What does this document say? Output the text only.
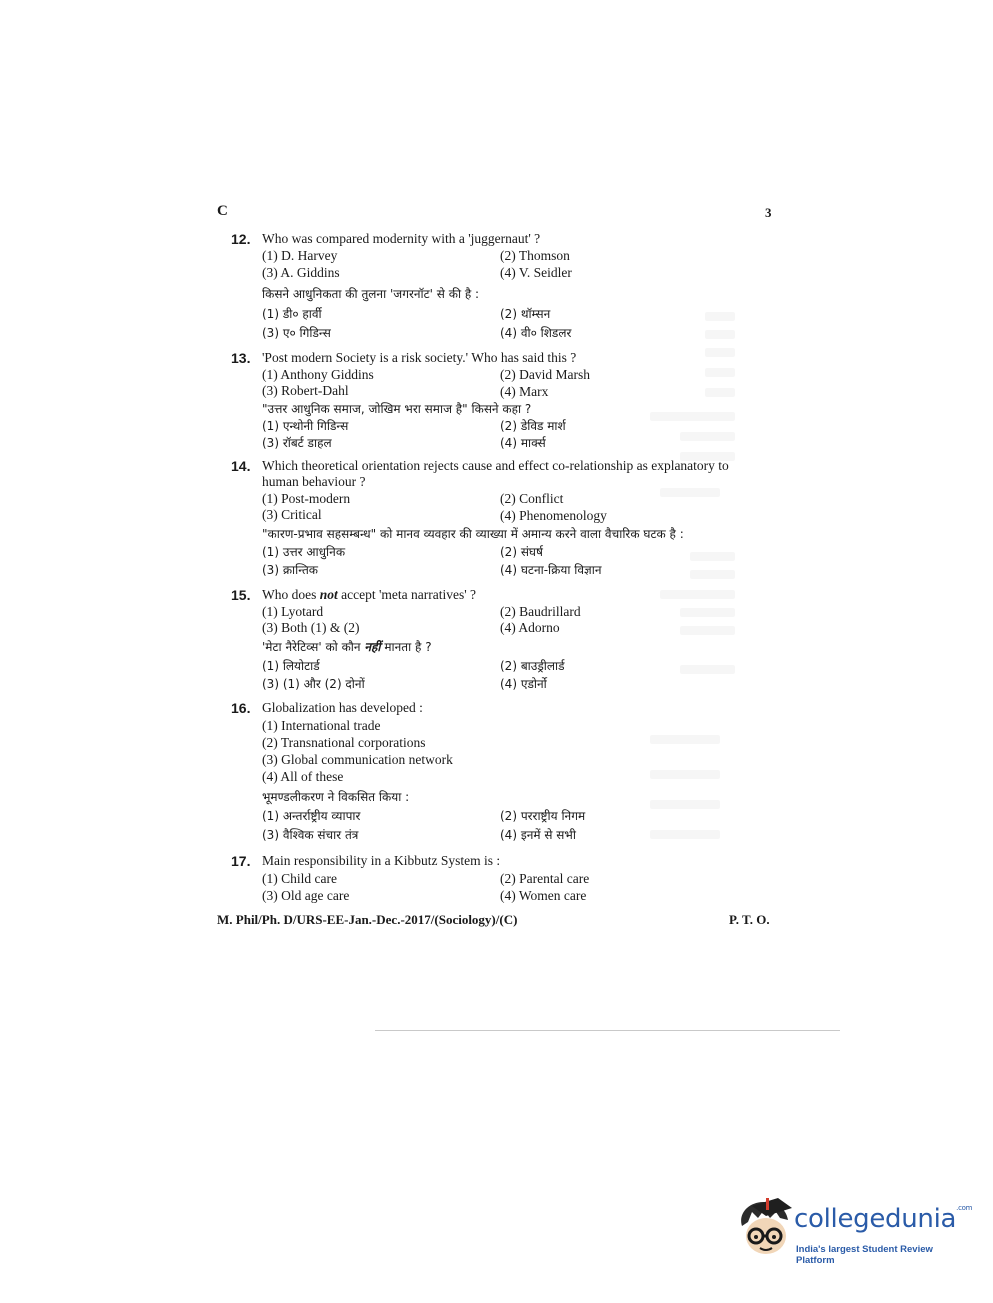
C	3
12. Who was compared modernity with a 'juggernaut' ?
(1) D. Harvey	(2) Thomson
(3) A. Giddins	(4) V. Seidler
किसने आधुनिकता की तुलना 'जगरनॉट' से की है :
(1) डी० हार्वी	(2) थॉम्सन
(3) ए० गिडिन्स	(4) वी० शिडलर
13. 'Post modern Society is a risk society.' Who has said this ?
(1) Anthony Giddins	(2) David Marsh
(3) Robert-Dahl	(4) Marx
"उत्तर आधुनिक समाज, जोखिम भरा समाज है" किसने कहा ?
(1) एन्थोनी गिडिन्स	(2) डेविड मार्श
(3) रॉबर्ट डाहल	(4) मार्क्स
14. Which theoretical orientation rejects cause and effect co-relationship as explanatory to
human behaviour ?
(1) Post-modern	(2) Conflict
(3) Critical	(4) Phenomenology
"कारण-प्रभाव सहसम्बन्ध" को मानव व्यवहार की व्याख्या में अमान्य करने वाला वैचारिक घटक है :
(1) उत्तर आधुनिक	(2) संघर्ष
(3) क्रान्तिक	(4) घटना-क्रिया विज्ञान
15. Who does not accept 'meta narratives' ?
(1) Lyotard	(2) Baudrillard
(3) Both (1) & (2)	(4) Adorno
'मेटा नैरेटिव्स' को कौन नहीं मानता है ?
(1) लियोटार्ड	(2) बाउड्रीलार्ड
(3) (1) और (2) दोनों	(4) एडोर्नो
16. Globalization has developed :
(1) International trade
(2) Transnational corporations
(3) Global communication network
(4) All of these
भूमण्डलीकरण ने विकसित किया :
(1) अन्तर्राष्ट्रीय व्यापार	(2) परराष्ट्रीय निगम
(3) वैश्विक संचार तंत्र	(4) इनमें से सभी
17. Main responsibility in a Kibbutz System is :
(1) Child care	(2) Parental care
(3) Old age care	(4) Women care
M. Phil/Ph. D/URS-EE-Jan.-Dec.-2017/(Sociology)/(C)	P. T. O.
collegedunia$^{.com}$
India's largest Student Review Platform
